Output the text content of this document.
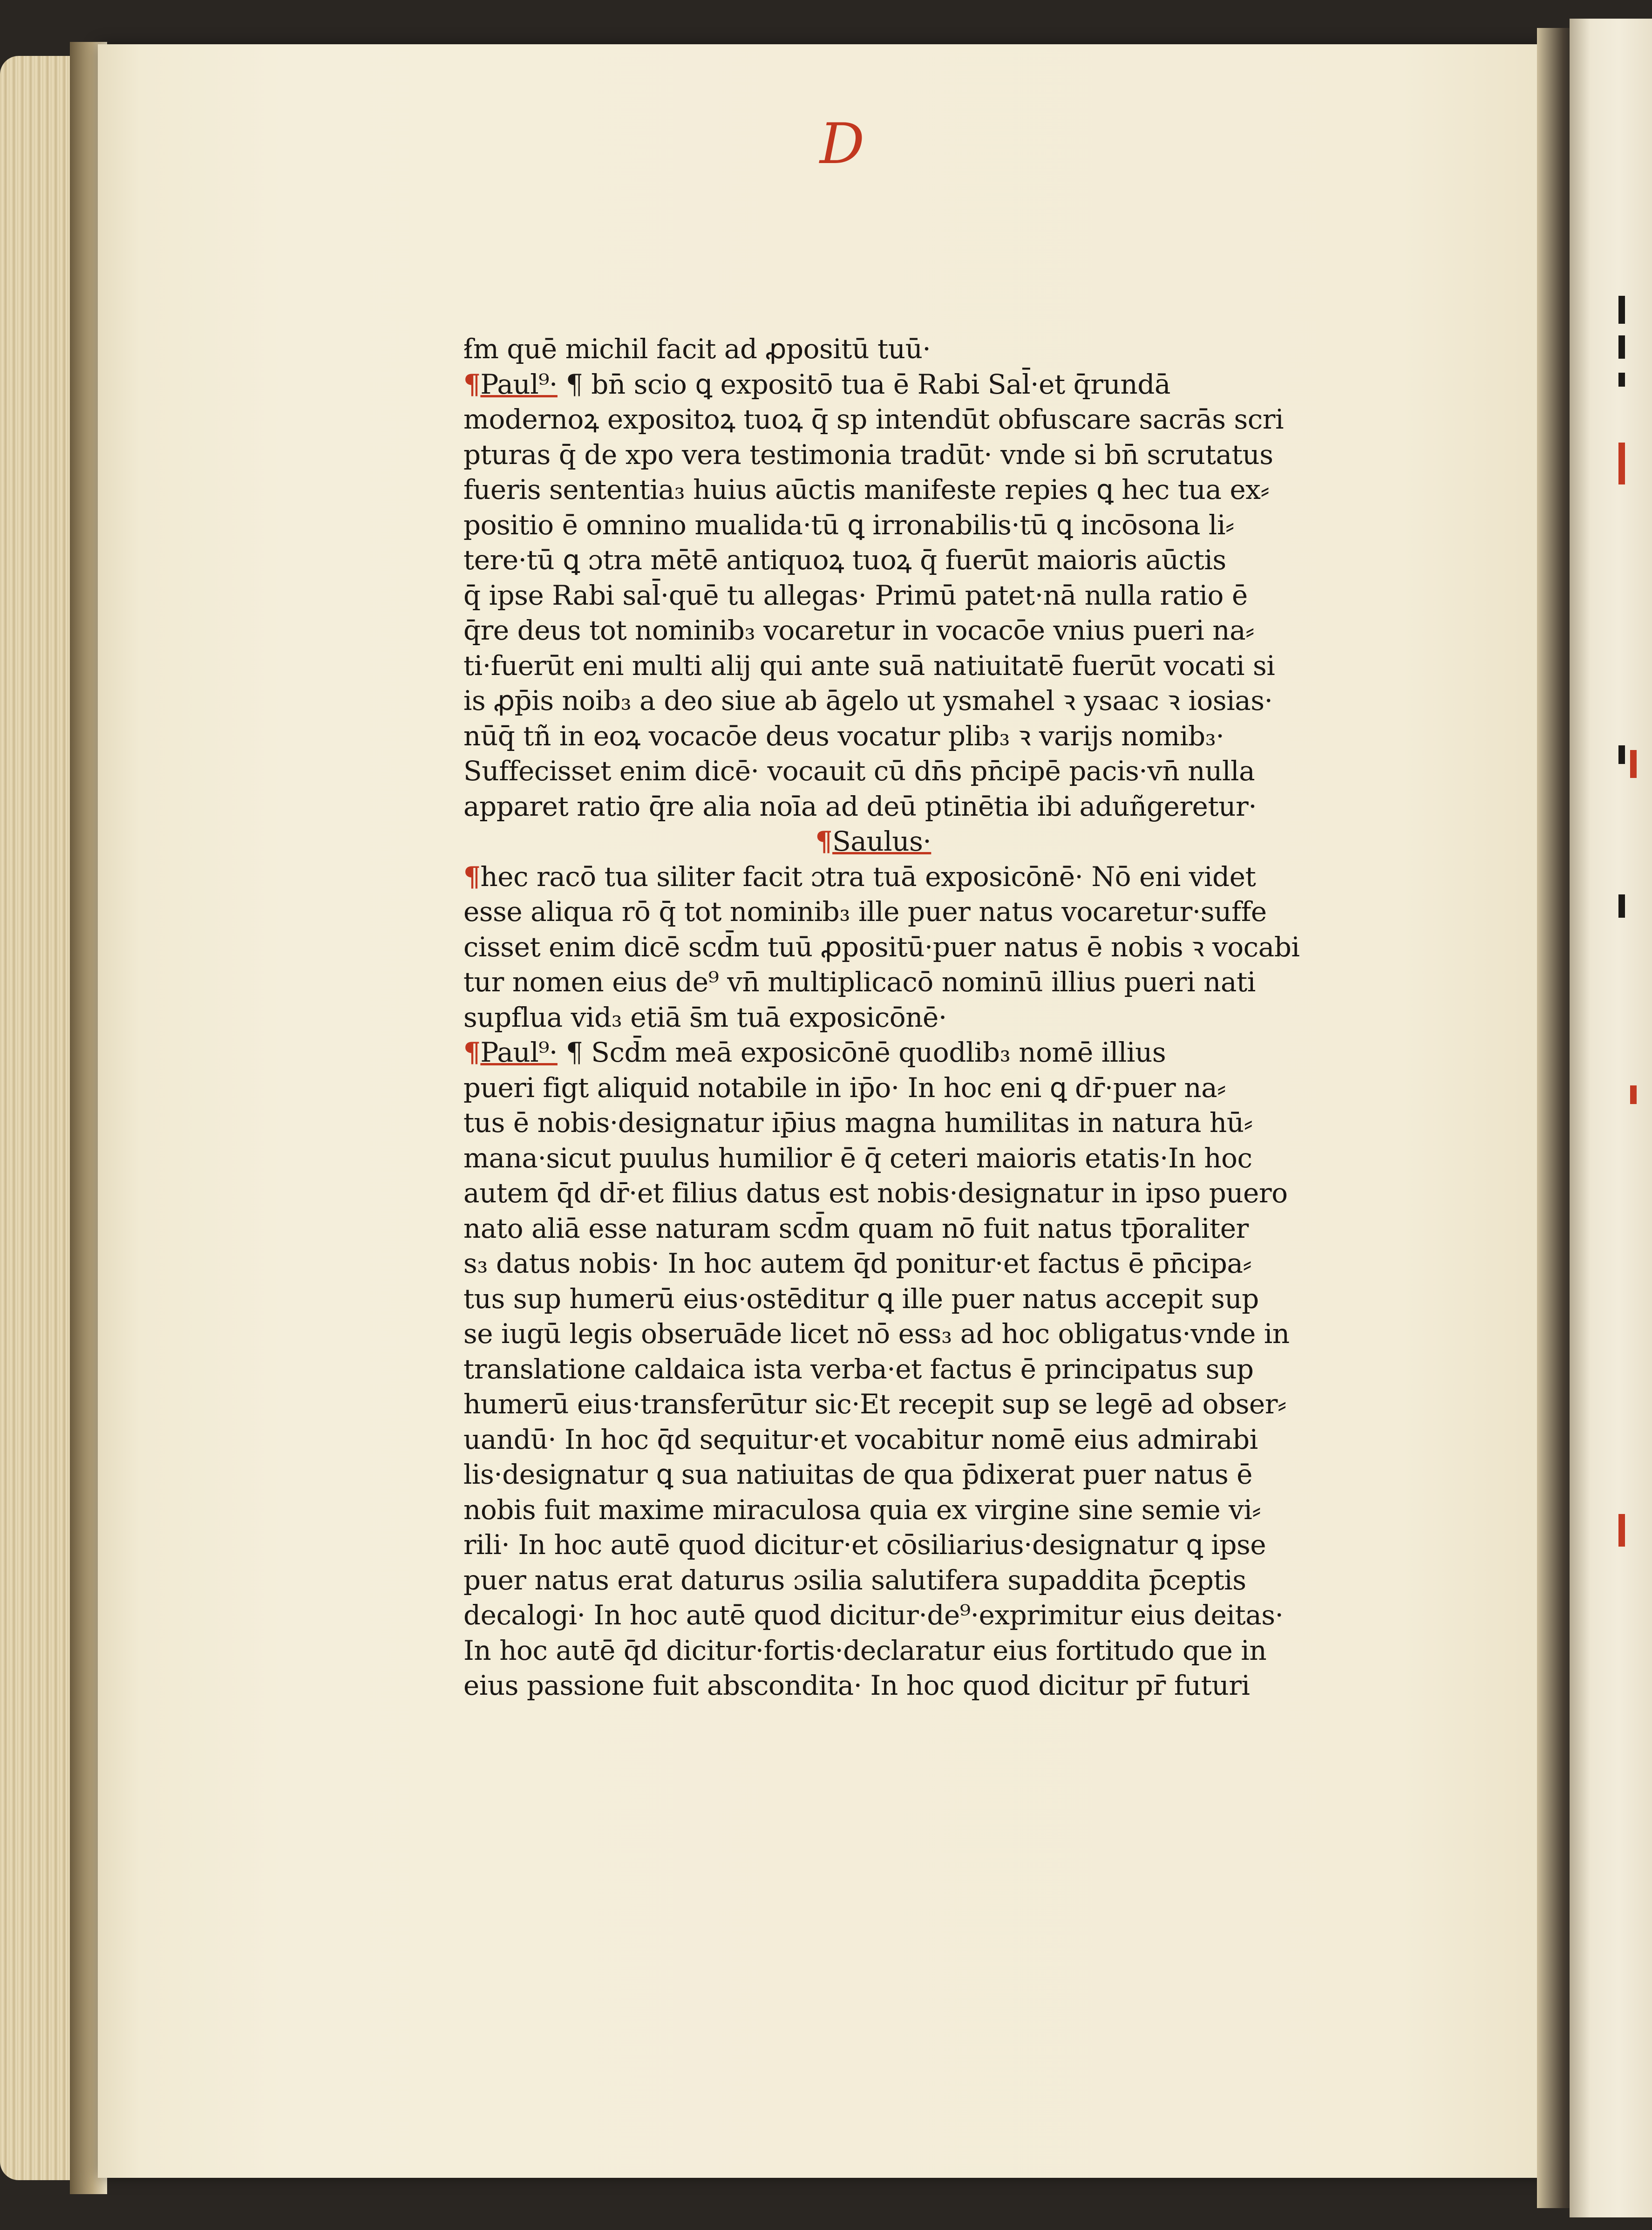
D
ẜm quē michil facit ad ꝓpositū tuū·
¶Paul⁹· ¶ bn̄ scio ꝗ expositō tua ē Rabi Sal̄·et q̄rundā
modernoꝝ expositoꝝ tuoꝝ q̄ sp intendūt obfuscare sacrās scri
pturas q̄ de xpo vera testimonia tradūt· vnde si bn̄ scrutatus
fueris sententia₃ huius aūctis manifeste repies ꝗ hec tua ex⸗
positio ē omnino mualida·tū ꝗ irronabilis·tū ꝗ incōsona li⸗
tere·tū ꝗ ɔtra mētē antiquoꝝ tuoꝝ q̄ fuerūt maioris aūctis
q̄ ipse Rabi sal̄·quē tu allegas· Primū patet·nā nulla ratio ē
q̄re deus tot nominib₃ vocaretur in vocacōe vnius pueri na⸗
ti·fuerūt eni multi alij qui ante suā natiuitatē fuerūt vocati si
is ꝓp̄is noib₃ a deo siue ab āgelo ut ysmahel ꝛ ysaac ꝛ iosias·
nūq̄ tñ in eoꝝ vocacōe deus vocatur plib₃ ꝛ varijs nomib₃·
Suffecisset enim dicē· vocauit cū dn̄s pn̄cipē pacis·vn̄ nulla
apparet ratio q̄re alia noīa ad deū ptinētia ibi aduñgeretur·
¶Saulus·
¶hec racō tua siliter facit ɔtra tuā exposicōnē· Nō eni videt
esse aliqua rō q̄ tot nominib₃ ille puer natus vocaretur·suffe
cisset enim dicē scd̄m tuū ꝓpositū·puer natus ē nobis ꝛ vocabi
tur nomen eius de⁹ vn̄ multiplicacō nominū illius pueri nati
supflua vid₃ etiā s̄m tuā exposicōnē·
¶Paul⁹· ¶ Scd̄m meā exposicōnē quodlib₃ nomē illius
pueri figt aliquid notabile in ip̄o· In hoc eni ꝗ dr̄·puer na⸗
tus ē nobis·designatur ip̄ius magna humilitas in natura hū⸗
mana·sicut puulus humilior ē q̄ ceteri maioris etatis·In hoc
autem q̄d dr̄·et filius datus est nobis·designatur in ipso puero
nato aliā esse naturam scd̄m quam nō fuit natus tp̄oraliter
s₃ datus nobis· In hoc autem q̄d ponitur·et factus ē pn̄cipa⸗
tus sup humerū eius·ostēditur ꝗ ille puer natus accepit sup
se iugū legis obseruāde licet nō ess₃ ad hoc obligatus·vnde in
translatione caldaica ista verba·et factus ē principatus sup
humerū eius·transferūtur sic·Et recepit sup se legē ad obser⸗
uandū· In hoc q̄d sequitur·et vocabitur nomē eius admirabi
lis·designatur ꝗ sua natiuitas de qua p̄dixerat puer natus ē
nobis fuit maxime miraculosa quia ex virgine sine semie vi⸗
rili· In hoc autē quod dicitur·et cōsiliarius·designatur ꝗ ipse
puer natus erat daturus ɔsilia salutifera supaddita p̄ceptis
decalogi· In hoc autē quod dicitur·de⁹·exprimitur eius deitas·
In hoc autē q̄d dicitur·fortis·declaratur eius fortitudo que in
eius passione fuit abscondita· In hoc quod dicitur pr̄ futuri
